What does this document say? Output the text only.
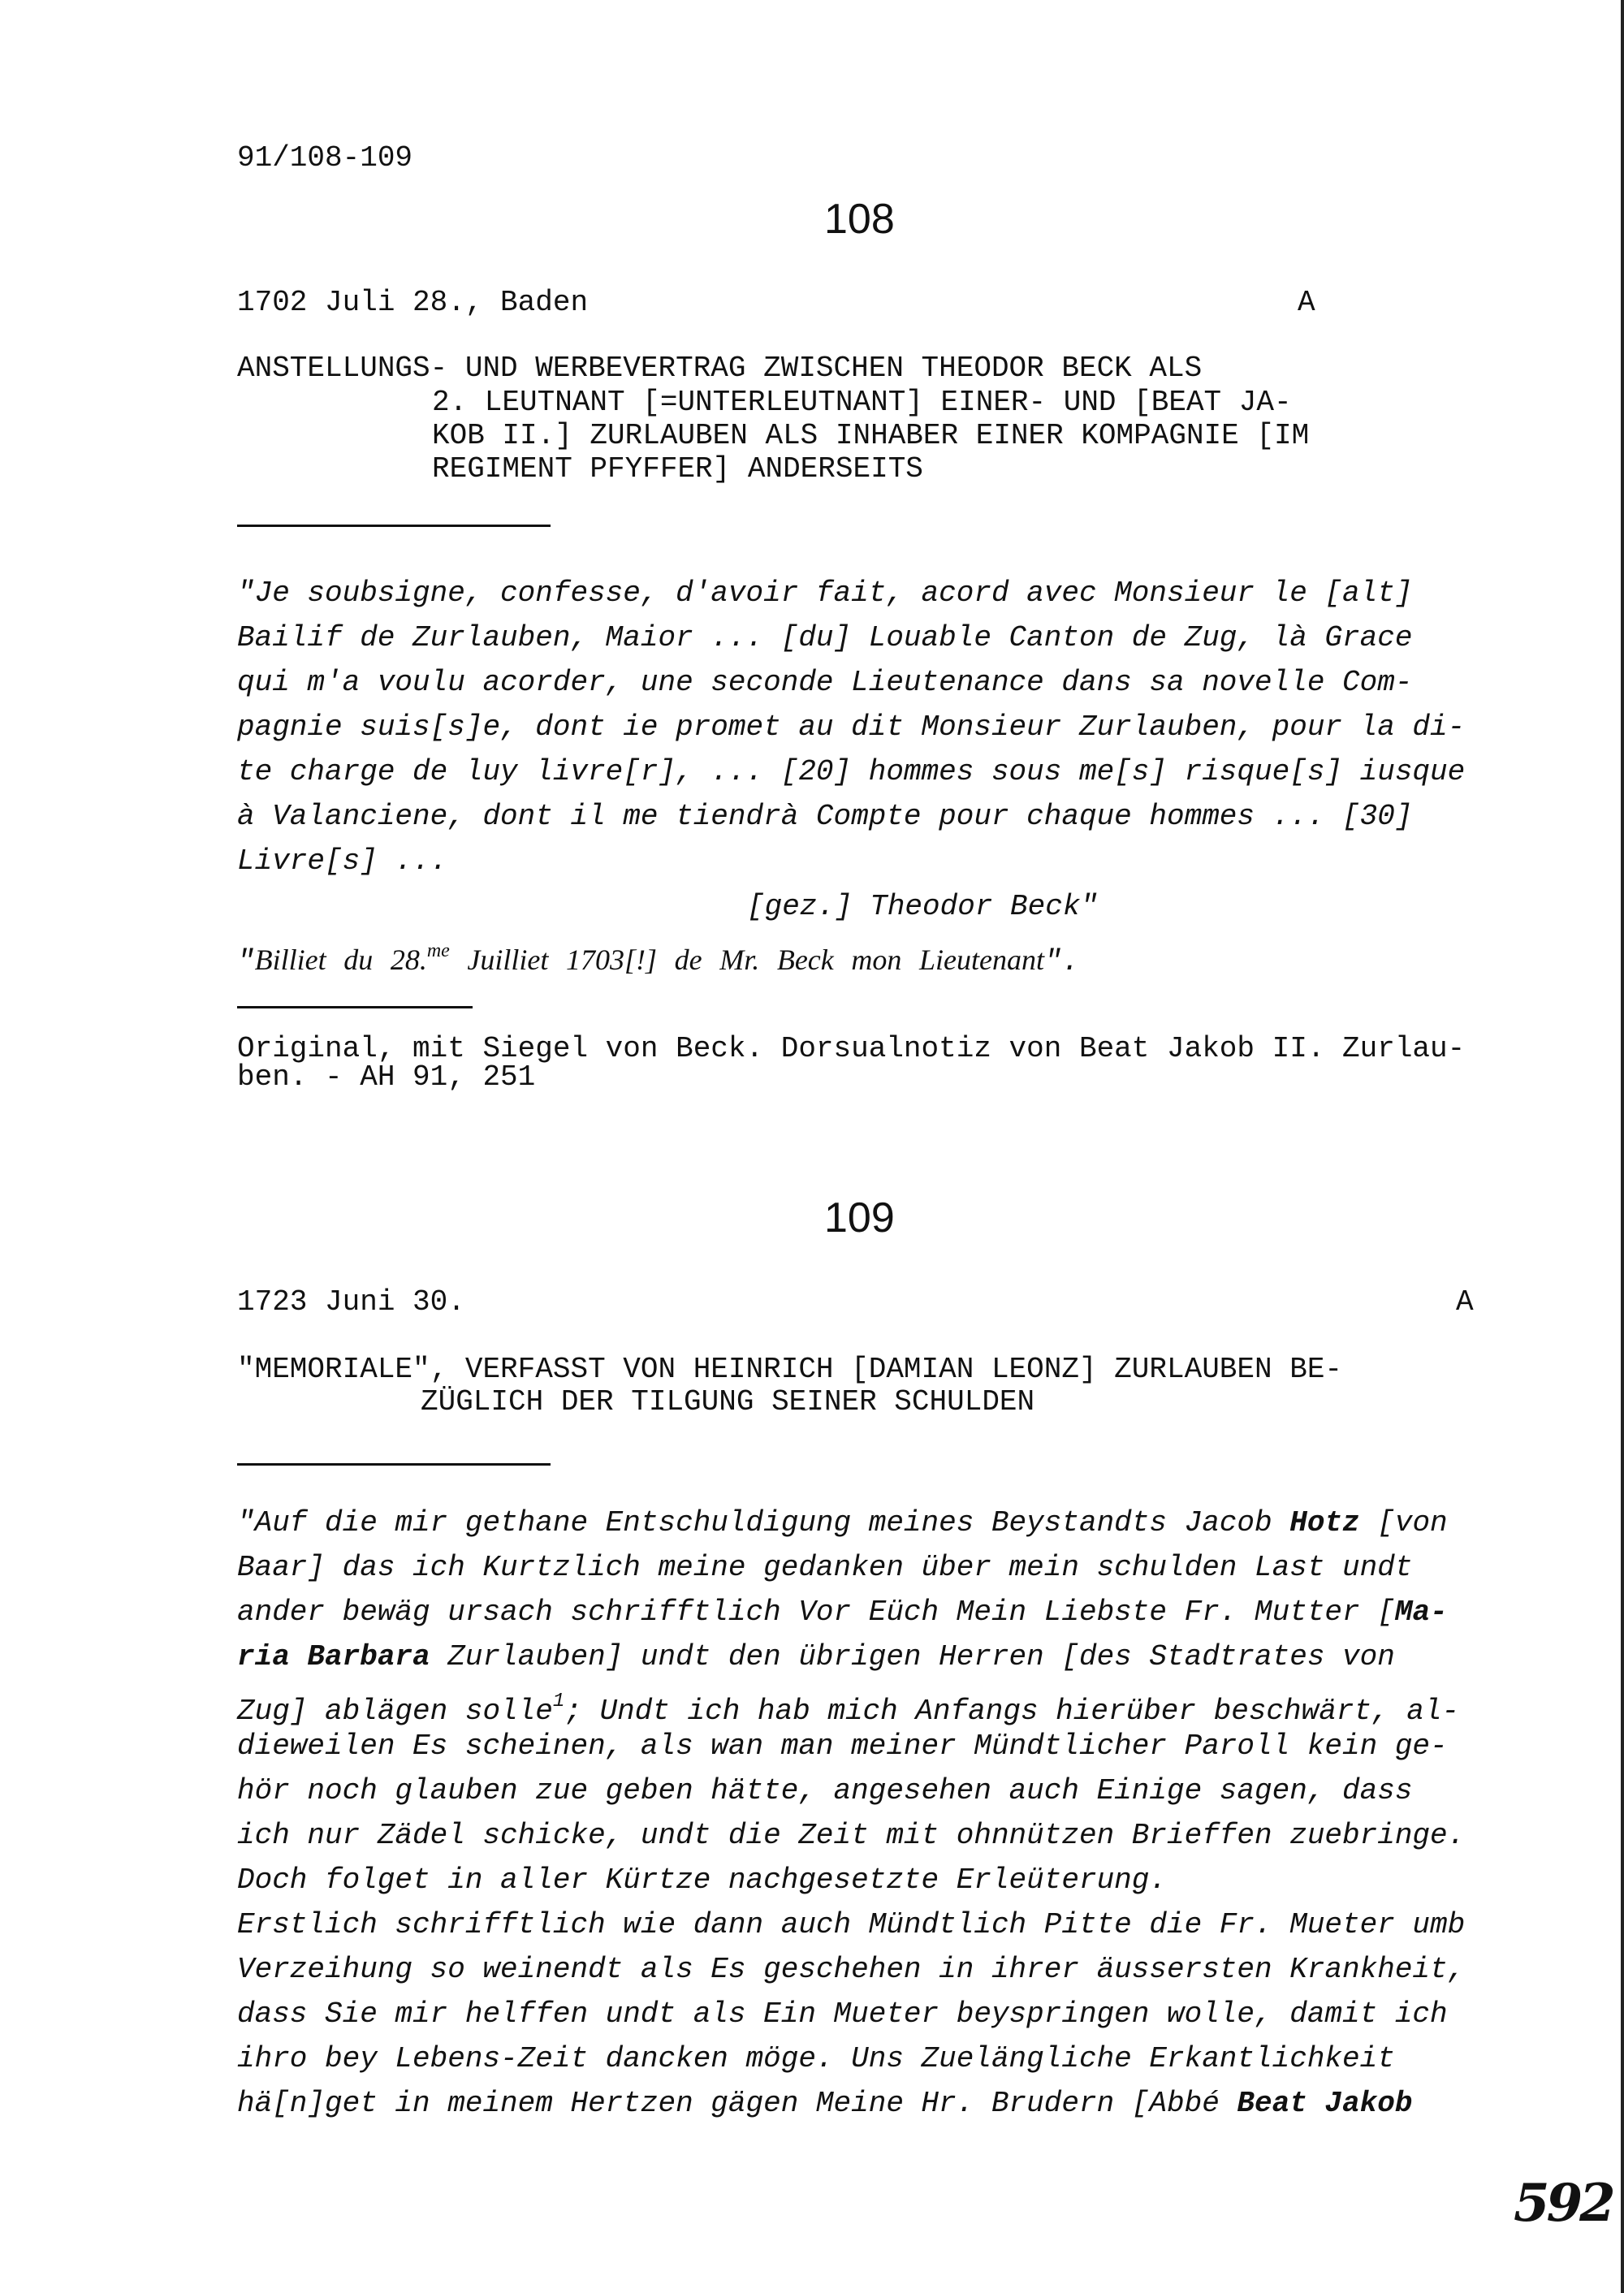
91/108-109
108
1702 Juli 28., Baden	A
ANSTELLUNGS- UND WERBEVERTRAG ZWISCHEN THEODOR BECK ALS
2. LEUTNANT [=UNTERLEUTNANT] EINER- UND [BEAT JA-
KOB II.] ZURLAUBEN ALS INHABER EINER KOMPAGNIE [IM
REGIMENT PFYFFER] ANDERSEITS
"Je soubsigne, confesse, d'avoir fait, acord avec Monsieur le [alt]
Bailif de Zurlauben, Maior ... [du] Louable Canton de Zug, là Grace
qui m'a voulu acorder, une seconde Lieutenance dans sa novelle Com-
pagnie suis[s]e, dont ie promet au dit Monsieur Zurlauben, pour la di-
te charge de luy livre[r], ... [20] hommes sous me[s] risque[s] iusque
à Valanciene, dont il me tiendrà Compte pour chaque hommes ... [30]
Livre[s] ...
[gez.] Theodor Beck"
"Billiet du 28.$^{me}$ Juilliet 1703[!] de Mr. Beck mon Lieutenant".
Original, mit Siegel von Beck. Dorsualnotiz von Beat Jakob II. Zurlau-
ben. - AH 91, 251
109
1723 Juni 30.	A
"MEMORIALE", VERFASST VON HEINRICH [DAMIAN LEONZ] ZURLAUBEN BE-
ZÜGLICH DER TILGUNG SEINER SCHULDEN
"Auf die mir gethane Entschuldigung meines Beystandts Jacob Hotz [von
Baar] das ich Kurtzlich meine gedanken über mein schulden Last undt
ander bewäg ursach schrifftlich Vor Eüch Mein Liebste Fr. Mutter [Ma-
ria Barbara Zurlauben] undt den übrigen Herren [des Stadtrates von
Zug] ablägen solle$^1$; Undt ich hab mich Anfangs hierüber beschwärt, al-
dieweilen Es scheinen, als wan man meiner Mündtlicher Paroll kein ge-
hör noch glauben zue geben hätte, angesehen auch Einige sagen, dass
ich nur Zädel schicke, undt die Zeit mit ohnnützen Brieffen zuebringe.
Doch folget in aller Kürtze nachgesetzte Erleüterung.
Erstlich schrifftlich wie dann auch Mündtlich Pitte die Fr. Mueter umb
Verzeihung so weinendt als Es geschehen in ihrer äussersten Krankheit,
dass Sie mir helffen undt als Ein Mueter beyspringen wolle, damit ich
ihro bey Lebens-Zeit dancken möge. Uns Zuelängliche Erkantlichkeit
hä[n]get in meinem Hertzen gägen Meine Hr. Brudern [Abbé Beat Jakob
592
